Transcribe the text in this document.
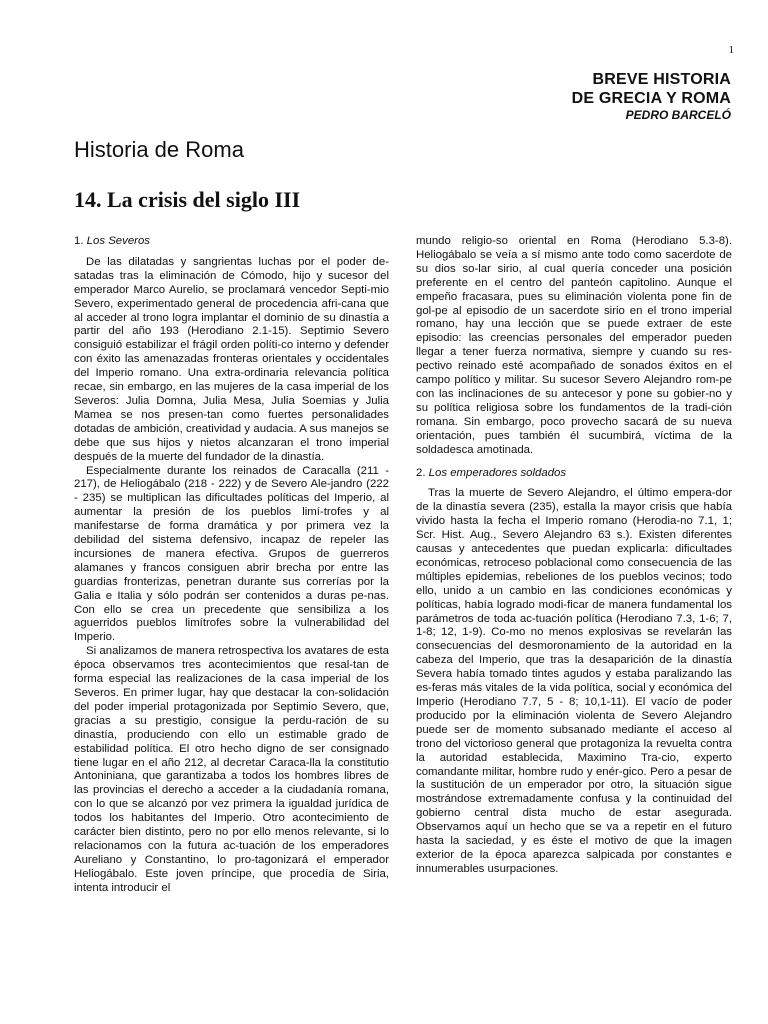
1
BREVE HISTORIA
DE GRECIA Y ROMA
PEDRO BARCELÓ
Historia de Roma
14. La crisis del siglo III

1. Los Severos

De las dilatadas y sangrientas luchas por el poder de-satadas tras la eliminación de Cómodo, hijo y sucesor del emperador Marco Aurelio, se proclamará vencedor Septi-mio Severo, experimentado general de procedencia afri-cana que al acceder al trono logra implantar el dominio de su dinastía a partir del año 193 (Herodiano 2.1-15). Septimio Severo consiguió estabilizar el frágil orden políti-co interno y defender con éxito las amenazadas fronteras orientales y occidentales del Imperio romano. Una extra-ordinaria relevancia política recae, sin embargo, en las mujeres de la casa imperial de los Severos: Julia Domna, Julia Mesa, Julia Soemias y Julia Mamea se nos presen-tan como fuertes personalidades dotadas de ambición, creatividad y audacia. A sus manejos se debe que sus hijos y nietos alcanzaran el trono imperial después de la muerte del fundador de la dinastía.

Especialmente durante los reinados de Caracalla (211 - 217), de Heliogábalo (218 - 222) y de Severo Ale-jandro (222 - 235) se multiplican las dificultades políticas del Imperio, al aumentar la presión de los pueblos limí-trofes y al manifestarse de forma dramática y por primera vez la debilidad del sistema defensivo, incapaz de repeler las incursiones de manera efectiva. Grupos de guerreros alamanes y francos consiguen abrir brecha por entre las guardias fronterizas, penetran durante sus correrías por la Galia e Italia y sólo podrán ser contenidos a duras pe-nas. Con ello se crea un precedente que sensibiliza a los aguerridos pueblos limítrofes sobre la vulnerabilidad del Imperio.

Si analizamos de manera retrospectiva los avatares de esta época observamos tres acontecimientos que resal-tan de forma especial las realizaciones de la casa imperial de los Severos. En primer lugar, hay que destacar la con-solidación del poder imperial protagonizada por Septimio Severo, que, gracias a su prestigio, consigue la perdu-ración de su dinastía, produciendo con ello un estimable grado de estabilidad política. El otro hecho digno de ser consignado tiene lugar en el año 212, al decretar Caraca-lla la constitutio Antoniniana, que garantizaba a todos los hombres libres de las provincias el derecho a acceder a la ciudadanía romana, con lo que se alcanzó por vez primera la igualdad jurídica de todos los habitantes del Imperio. Otro acontecimiento de carácter bien distinto, pero no por ello menos relevante, si lo relacionamos con la futura ac-tuación de los emperadores Aureliano y Constantino, lo pro-tagonizará el emperador Heliogábalo. Este joven príncipe, que procedía de Siria, intenta introducir el

mundo religio-so oriental en Roma (Herodiano 5.3-8). Heliogábalo se veía a sí mismo ante todo como sacerdote de su dios so-lar sirio, al cual quería conceder una posición preferente en el centro del panteón capitolino. Aunque el empeño fracasara, pues su eliminación violenta pone fin de gol-pe al episodio de un sacerdote sirio en el trono imperial romano, hay una lección que se puede extraer de este episodio: las creencias personales del emperador pueden llegar a tener fuerza normativa, siempre y cuando su res-pectivo reinado esté acompañado de sonados éxitos en el campo político y militar. Su sucesor Severo Alejandro rom-pe con las inclinaciones de su antecesor y pone su gobier-no y su política religiosa sobre los fundamentos de la tradi-ción romana. Sin embargo, poco provecho sacará de su nueva orientación, pues también él sucumbirá, víctima de la soldadesca amotinada.

2. Los emperadores soldados

Tras la muerte de Severo Alejandro, el último empera-dor de la dinastía severa (235), estalla la mayor crisis que había vivido hasta la fecha el Imperio romano (Herodia-no 7.1, 1; Scr. Hist. Aug., Severo Alejandro 63 s.). Existen diferentes causas y antecedentes que puedan explicarla: dificultades económicas, retroceso poblacional como consecuencia de las múltiples epidemias, rebeliones de los pueblos vecinos; todo ello, unido a un cambio en las condiciones económicas y políticas, había logrado modi-ficar de manera fundamental los parámetros de toda ac-tuación política (Herodiano 7.3, 1-6; 7, 1-8; 12, 1-9). Co-mo no menos explosivas se revelarán las consecuencias del desmoronamiento de la autoridad en la cabeza del Imperio, que tras la desaparición de la dinastía Severa había tomado tintes agudos y estaba paralizando las es-feras más vitales de la vida política, social y económica del Imperio (Herodiano 7.7, 5 - 8; 10,1-11). El vacío de poder producido por la eliminación violenta de Severo Alejandro puede ser de momento subsanado mediante el acceso al trono del victorioso general que protagoniza la revuelta contra la autoridad establecida, Maximino Tra-cio, experto comandante militar, hombre rudo y enér-gico. Pero a pesar de la sustitución de un emperador por otro, la situación sigue mostrándose extremadamente confusa y la continuidad del gobierno central dista mucho de estar asegurada. Observamos aquí un hecho que se va a repetir en el futuro hasta la saciedad, y es éste el motivo de que la imagen exterior de la época aparezca salpicada por constantes e innumerables usurpaciones.
